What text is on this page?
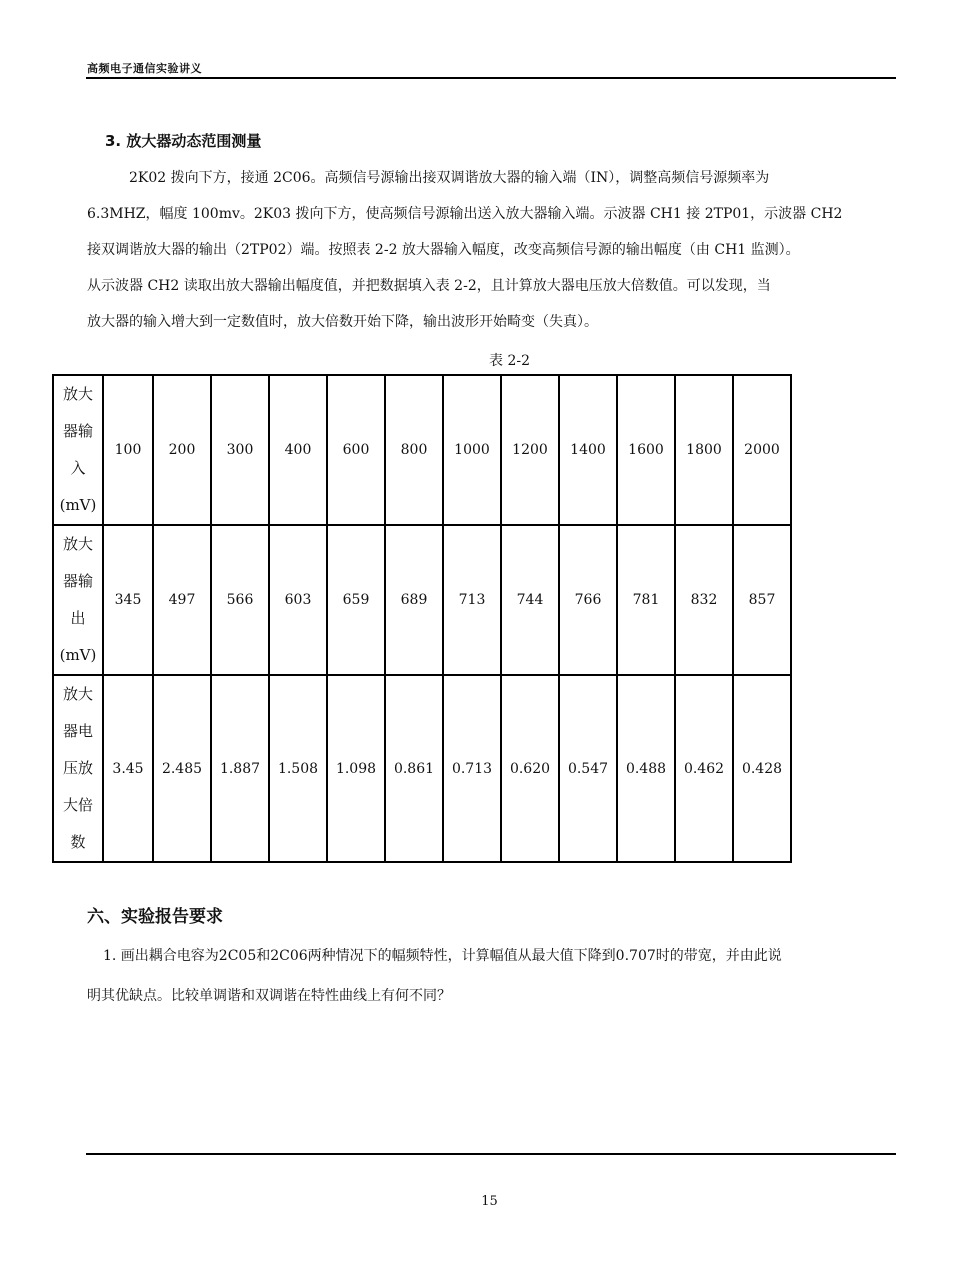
高频电子通信实验讲义
3. 放大器动态范围测量
2K02 拨向下方，接通 2C06。高频信号源输出接双调谐放大器的输入端（IN），调整高频信号源频率为
6.3MHZ，幅度 100mv。2K03 拨向下方，使高频信号源输出送入放大器输入端。示波器 CH1 接 2TP01，示波器 CH2
接双调谐放大器的输出（2TP02）端。按照表 2-2 放大器输入幅度，改变高频信号源的输出幅度（由 CH1 监测）。
从示波器 CH2 读取出放大器输出幅度值，并把数据填入表 2-2，且计算放大器电压放大倍数值。可以发现，当
放大器的输入增大到一定数值时，放大倍数开始下降，输出波形开始畸变（失真）。
表 2-2
放大
器输
入
(mV)	100	200	300	400	600	800	1000	1200	1400	1600	1800	2000

放大
器输
出
(mV)	345	497	566	603	659	689	713	744	766	781	832	857

放大
器电
压放
大倍
数	3.45	2.485	1.887	1.508	1.098	0.861	0.713	0.620	0.547	0.488	0.462	0.428
六、实验报告要求
1. 画出耦合电容为2C05和2C06两种情况下的幅频特性，计算幅值从最大值下降到0.707时的带宽，并由此说
明其优缺点。比较单调谐和双调谐在特性曲线上有何不同？
15
